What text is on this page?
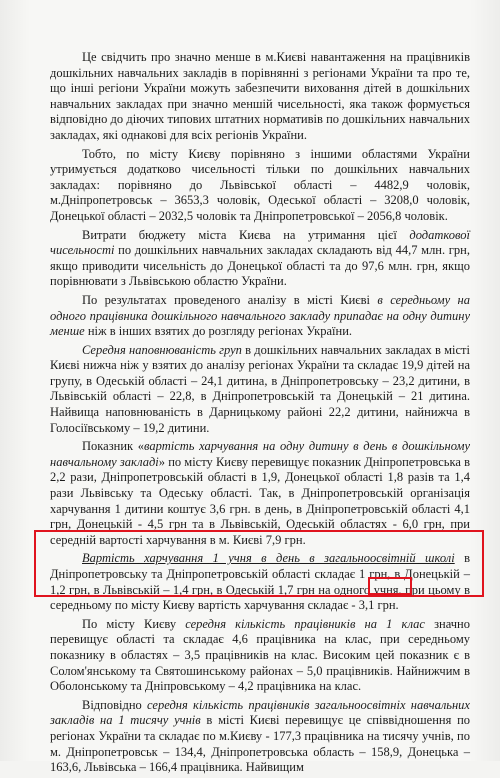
Це свідчить про значно менше в м.Києві навантаження на працівників дошкільних навчальних закладів в порівнянні з регіонами України та про те, що інші регіони України можуть забезпечити виховання дітей в дошкільних навчальних закладах при значно меншій чисельності, яка також формується відповідно до діючих типових штатних нормативів по дошкільних навчальних закладах, які однакові для всіх регіонів України.

Тобто, по місту Києву порівняно з іншими областями України утримується додатково чисельності тільки по дошкільних навчальних закладах: порівняно до Львівської області – 4482,9 чоловік, м.Дніпропетровськ – 3653,3 чоловік, Одеської області – 3208,0 чоловік, Донецької області – 2032,5 чоловік та Дніпропетровської – 2056,8 чоловік.

Витрати бюджету міста Києва на утримання цієї додаткової чисельності по дошкільних навчальних закладах складають від 44,7 млн. грн, якщо приводити чисельність до Донецької області та до 97,6 млн. грн, якщо порівнювати з Львівською областю України.

По результатах проведеного аналізу в місті Києві в середньому на одного працівника дошкільного навчального закладу припадає на одну дитину менше ніж в інших взятих до розгляду регіонах України.

Середня наповнюваність груп в дошкільних навчальних закладах в місті Києві нижча ніж у взятих до аналізу регіонах України та складає 19,9 дітей на групу, в Одеській області – 24,1 дитина, в Дніпропетровську – 23,2 дитини, в Львівській області – 22,8, в Дніпропетровській та Донецькій – 21 дитина. Найвища наповнюваність в Дарницькому районі 22,2 дитини, найнижча в Голосіївському – 19,2 дитини.

Показник «вартість харчування на одну дитину в день в дошкільному навчальному закладі» по місту Києву перевищує показник Дніпропетровська в 2,2 рази, Дніпропетровській області в 1,9, Донецької області 1,8 разів та 1,4 рази Львівську та Одеську області. Так, в Дніпропетровській організація харчування 1 дитини коштує 3,6 грн. в день, в Дніпропетровській області 4,1 грн, Донецькій - 4,5 грн та в Львівській, Одеській областях - 6,0 грн, при середній вартості харчування в м. Києві 7,9 грн.

Вартість харчування 1 учня в день в загальноосвітній школі в Дніпропетровську та Дніпропетровській області складає 1 грн, в Донецькій – 1,2 грн, в Львівській – 1,4 грн, в Одеській 1,7 грн на одного учня, при цьому в середньому по місту Києву вартість харчування складає - 3,1 грн.

По місту Києву середня кількість працівників на 1 клас значно перевищує області та складає 4,6 працівника на клас, при середньому показнику в областях – 3,5 працівників на клас. Високим цей показник є в Солом'янському та Святошинському районах – 5,0 працівників. Найнижчим в Оболонському та Дніпровському – 4,2 працівника на клас.

Відповідно середня кількість працівників загальноосвітніх навчальних закладів на 1 тисячу учнів в місті Києві перевищує це співвідношення по регіонах України та складає по м.Києву - 177,3 працівника на тисячу учнів, по м. Дніпропетровськ – 134,4, Дніпропетровська область – 158,9, Донецька – 163,6, Львівська – 166,4 працівника. Найвищим
